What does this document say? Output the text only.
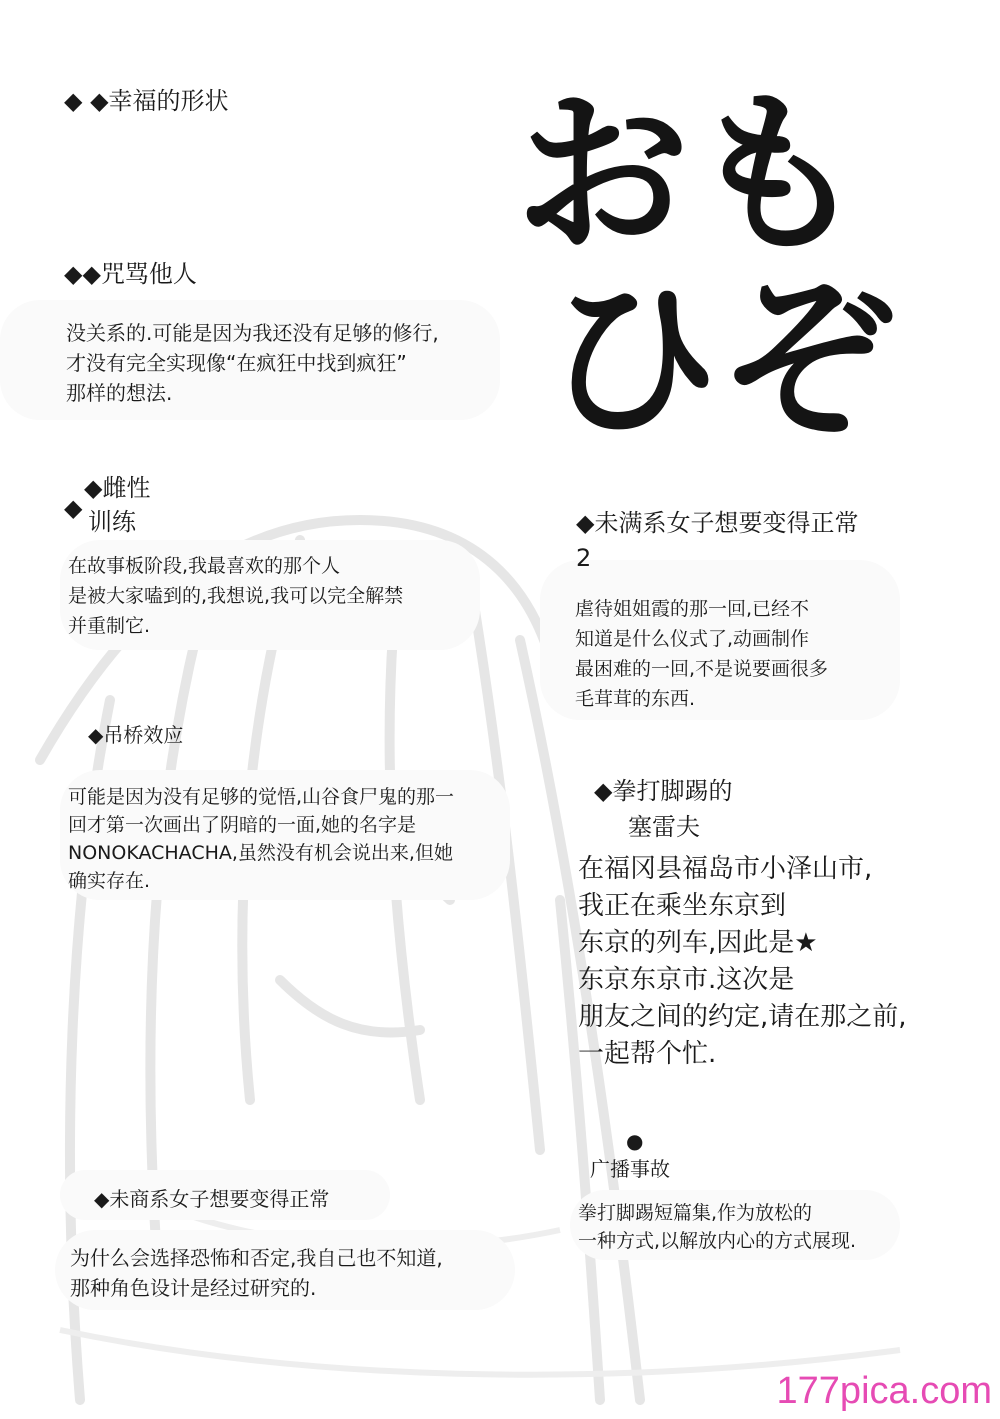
おも
ひぞ

◆ ◆幸福的形状

◆◆咒骂他人

没关系的.可能是因为我还没有足够的修行,

才没有完全实现像“在疯狂中找到疯狂”

那样的想法.

◆

◆雌性

训练

在故事板阶段,我最喜欢的那个人

是被大家嗑到的,我想说,我可以完全解禁

并重制它.

◆吊桥效应

可能是因为没有足够的觉悟,山谷食尸鬼的那一

回才第一次画出了阴暗的一面,她的名字是

NONOKACHACHA,虽然没有机会说出来,但她

确实存在.

◆未商系女子想要变得正常

为什么会选择恐怖和否定,我自己也不知道,

那种角色设计是经过研究的.

◆未满系女子想要变得正常

2

虐待姐姐霞的那一回,已经不

知道是什么仪式了,动画制作

最困难的一回,不是说要画很多

毛茸茸的东西.

◆拳打脚踢的

塞雷夫

在福冈县福岛市小泽山市,

我正在乘坐东京到

东京的列车,因此是★

东京东京市.这次是

朋友之间的约定,请在那之前,

一起帮个忙.

●

广播事故

拳打脚踢短篇集,作为放松的

一种方式,以解放内心的方式展现.

177pica.com
